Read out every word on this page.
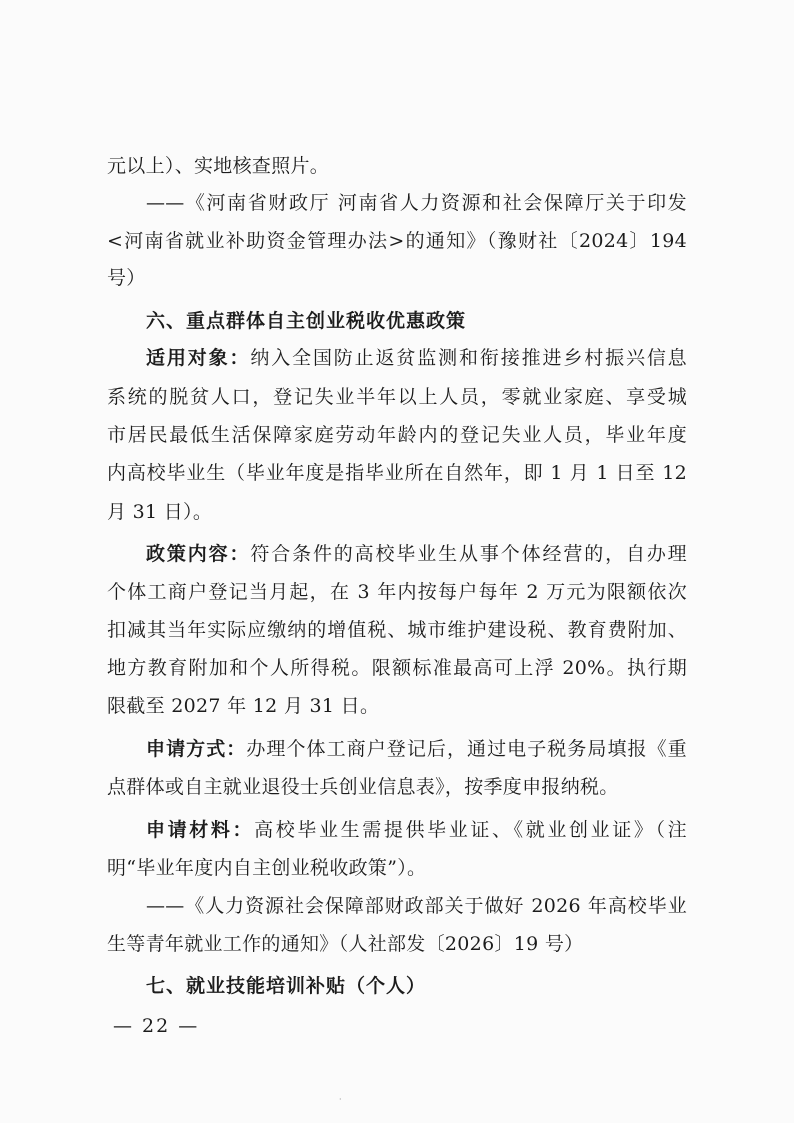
元以上）、实地核查照片。
——《河南省财政厅 河南省人力资源和社会保障厅关于印发
<河南省就业补助资金管理办法>的通知》（豫财社〔2024〕194
号）
六、重点群体自主创业税收优惠政策
适用对象：纳入全国防止返贫监测和衔接推进乡村振兴信息
系统的脱贫人口，登记失业半年以上人员，零就业家庭、享受城
市居民最低生活保障家庭劳动年龄内的登记失业人员，毕业年度
内高校毕业生（毕业年度是指毕业所在自然年，即 1 月 1 日至 12
月 31 日）。
政策内容：符合条件的高校毕业生从事个体经营的，自办理
个体工商户登记当月起，在 3 年内按每户每年 2 万元为限额依次
扣减其当年实际应缴纳的增值税、城市维护建设税、教育费附加、
地方教育附加和个人所得税。限额标准最高可上浮 20%。执行期
限截至 2027 年 12 月 31 日。
申请方式：办理个体工商户登记后，通过电子税务局填报《重
点群体或自主就业退役士兵创业信息表》，按季度申报纳税。
申请材料：高校毕业生需提供毕业证、《就业创业证》（注
明“毕业年度内自主创业税收政策”）。
——《人力资源社会保障部财政部关于做好 2026 年高校毕业
生等青年就业工作的通知》（人社部发〔2026〕19 号）
七、就业技能培训补贴（个人）
— 22 —
·
